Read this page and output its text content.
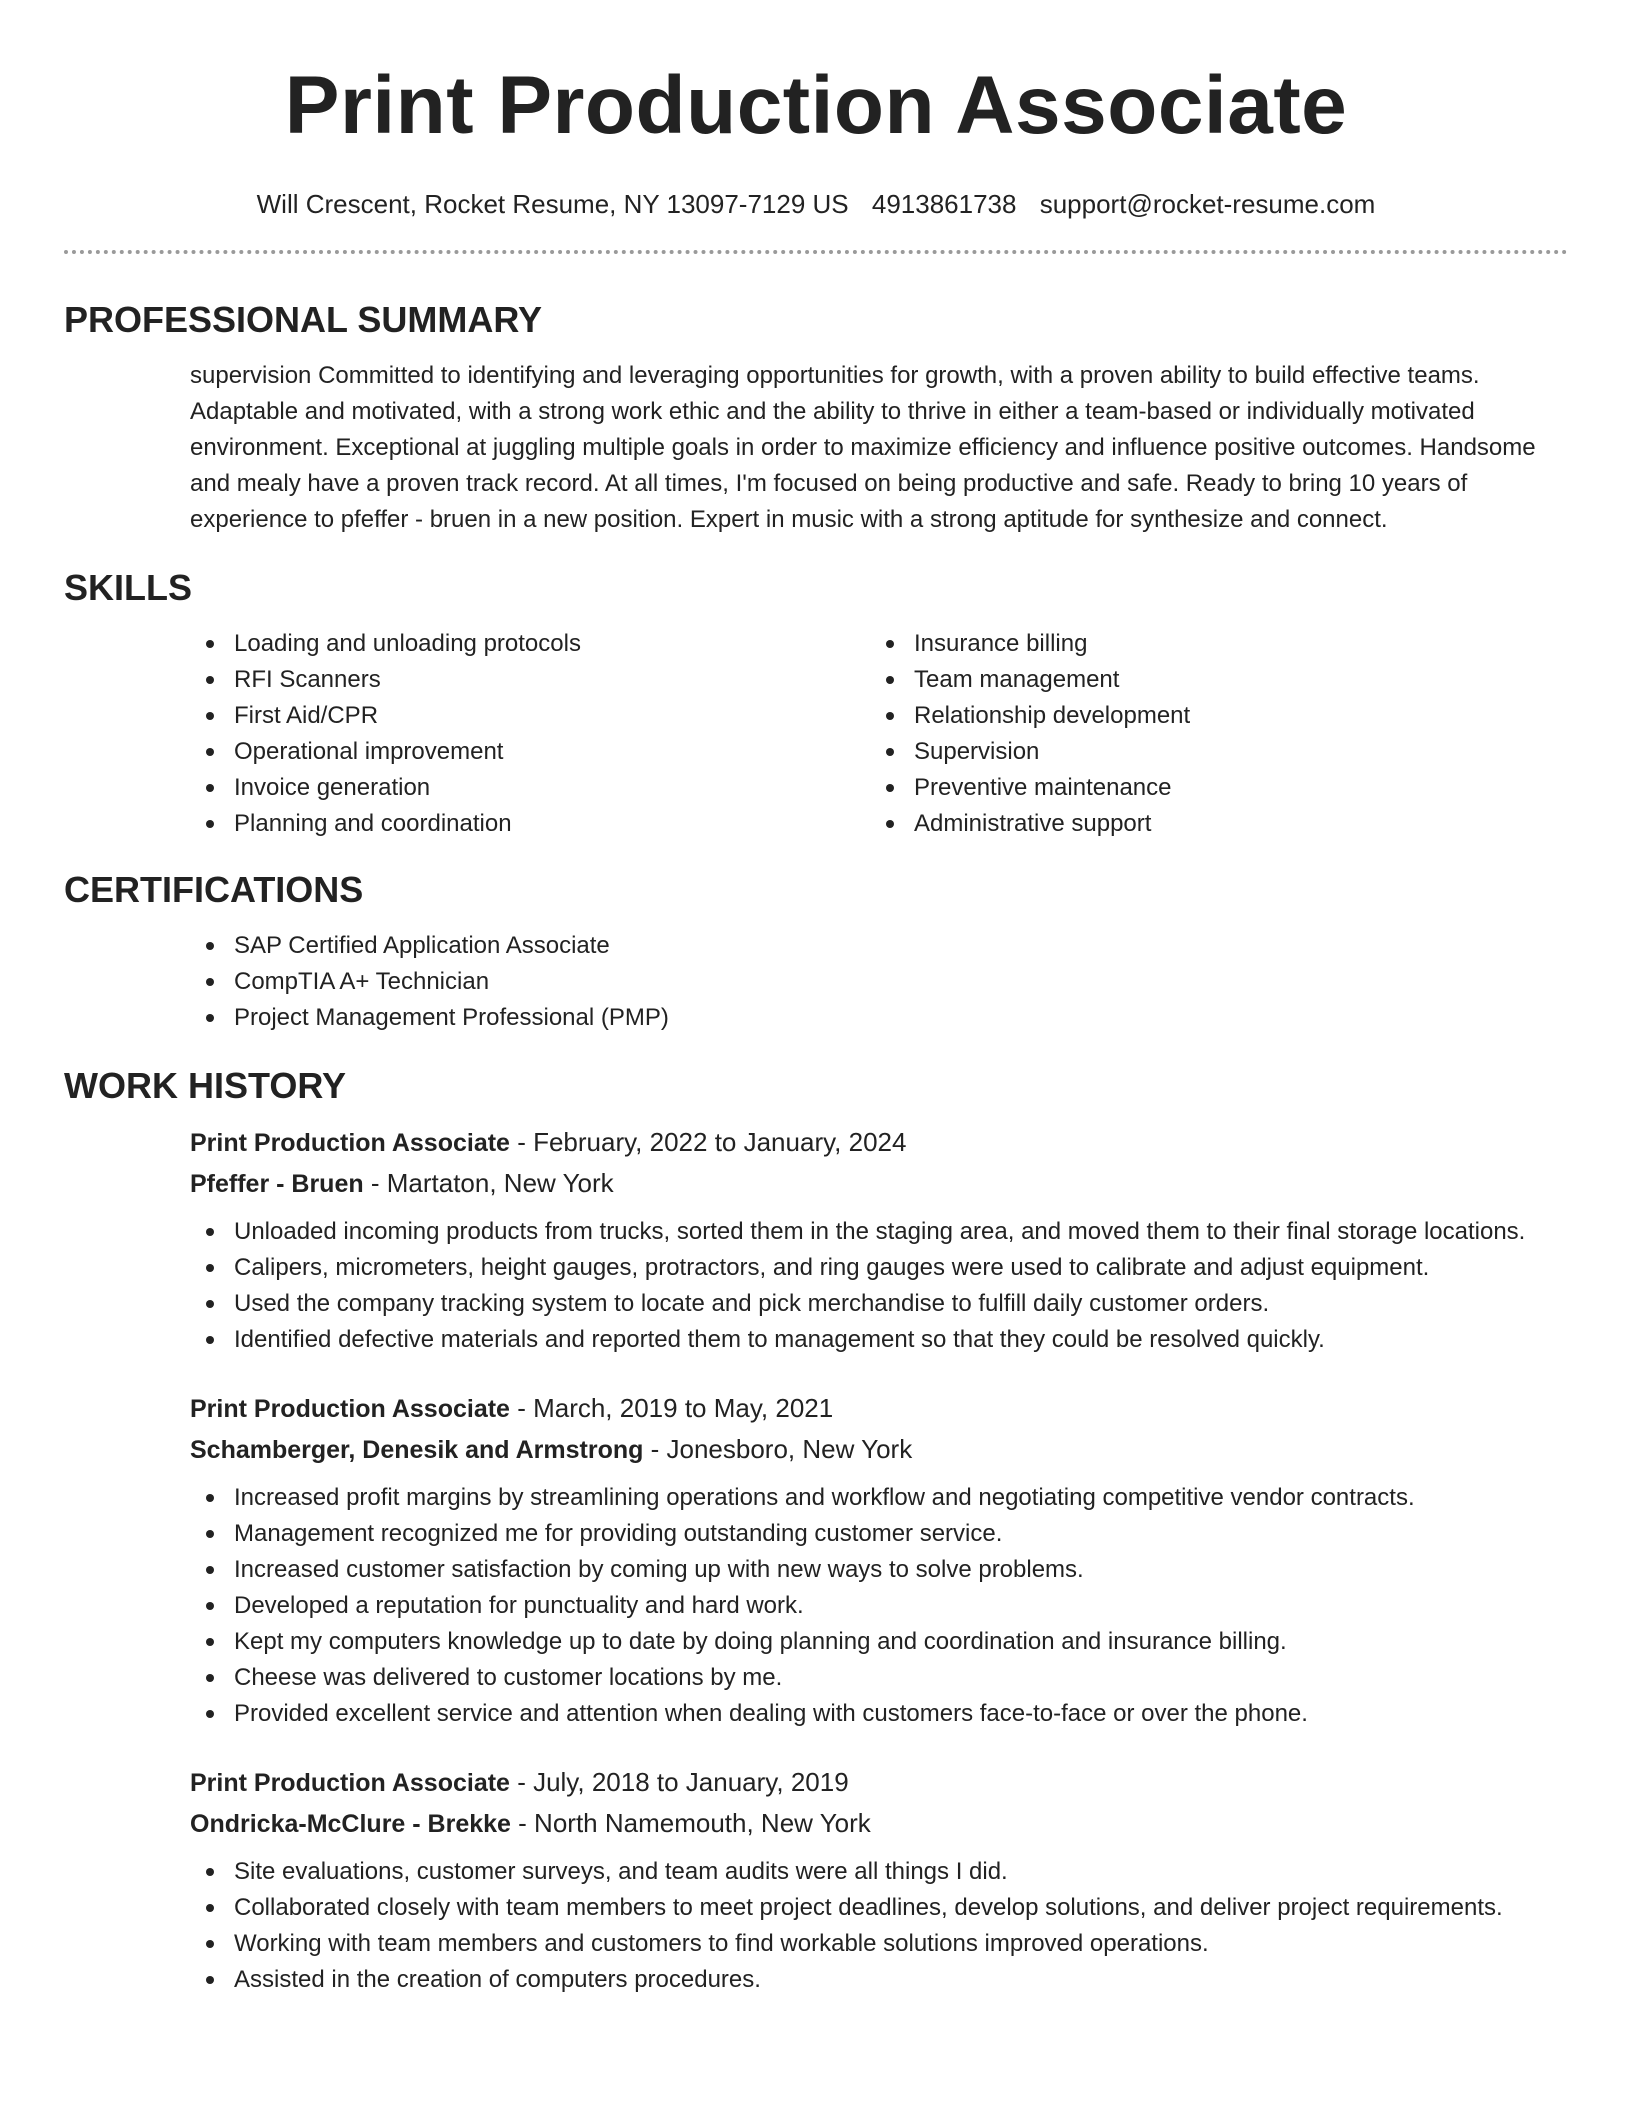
Print Production Associate
Will Crescent, Rocket Resume, NY 13097-7129 US 4913861738 support@rocket-resume.com
PROFESSIONAL SUMMARY

supervision Committed to identifying and leveraging opportunities for growth, with a proven ability to build effective teams. Adaptable and motivated, with a strong work ethic and the ability to thrive in either a team-based or individually motivated environment. Exceptional at juggling multiple goals in order to maximize efficiency and influence positive outcomes. Handsome and mealy have a proven track record. At all times, I'm focused on being productive and safe. Ready to bring 10 years of experience to pfeffer - bruen in a new position. Expert in music with a strong aptitude for synthesize and connect.

SKILLS
Loading and unloading protocols
RFI Scanners
First Aid/CPR
Operational improvement
Invoice generation
Planning and coordination
Insurance billing
Team management
Relationship development
Supervision
Preventive maintenance
Administrative support
CERTIFICATIONS
SAP Certified Application Associate
CompTIA A+ Technician
Project Management Professional (PMP)
WORK HISTORY

Print Production Associate - February, 2022 to January, 2024

Pfeffer - Bruen - Martaton, New York

Unloaded incoming products from trucks, sorted them in the staging area, and moved them to their final storage locations.
Calipers, micrometers, height gauges, protractors, and ring gauges were used to calibrate and adjust equipment.
Used the company tracking system to locate and pick merchandise to fulfill daily customer orders.
Identified defective materials and reported them to management so that they could be resolved quickly.

Print Production Associate - March, 2019 to May, 2021

Schamberger, Denesik and Armstrong - Jonesboro, New York

Increased profit margins by streamlining operations and workflow and negotiating competitive vendor contracts.
Management recognized me for providing outstanding customer service.
Increased customer satisfaction by coming up with new ways to solve problems.
Developed a reputation for punctuality and hard work.
Kept my computers knowledge up to date by doing planning and coordination and insurance billing.
Cheese was delivered to customer locations by me.
Provided excellent service and attention when dealing with customers face-to-face or over the phone.

Print Production Associate - July, 2018 to January, 2019

Ondricka-McClure - Brekke - North Namemouth, New York

Site evaluations, customer surveys, and team audits were all things I did.
Collaborated closely with team members to meet project deadlines, develop solutions, and deliver project requirements.
Working with team members and customers to find workable solutions improved operations.
Assisted in the creation of computers procedures.
